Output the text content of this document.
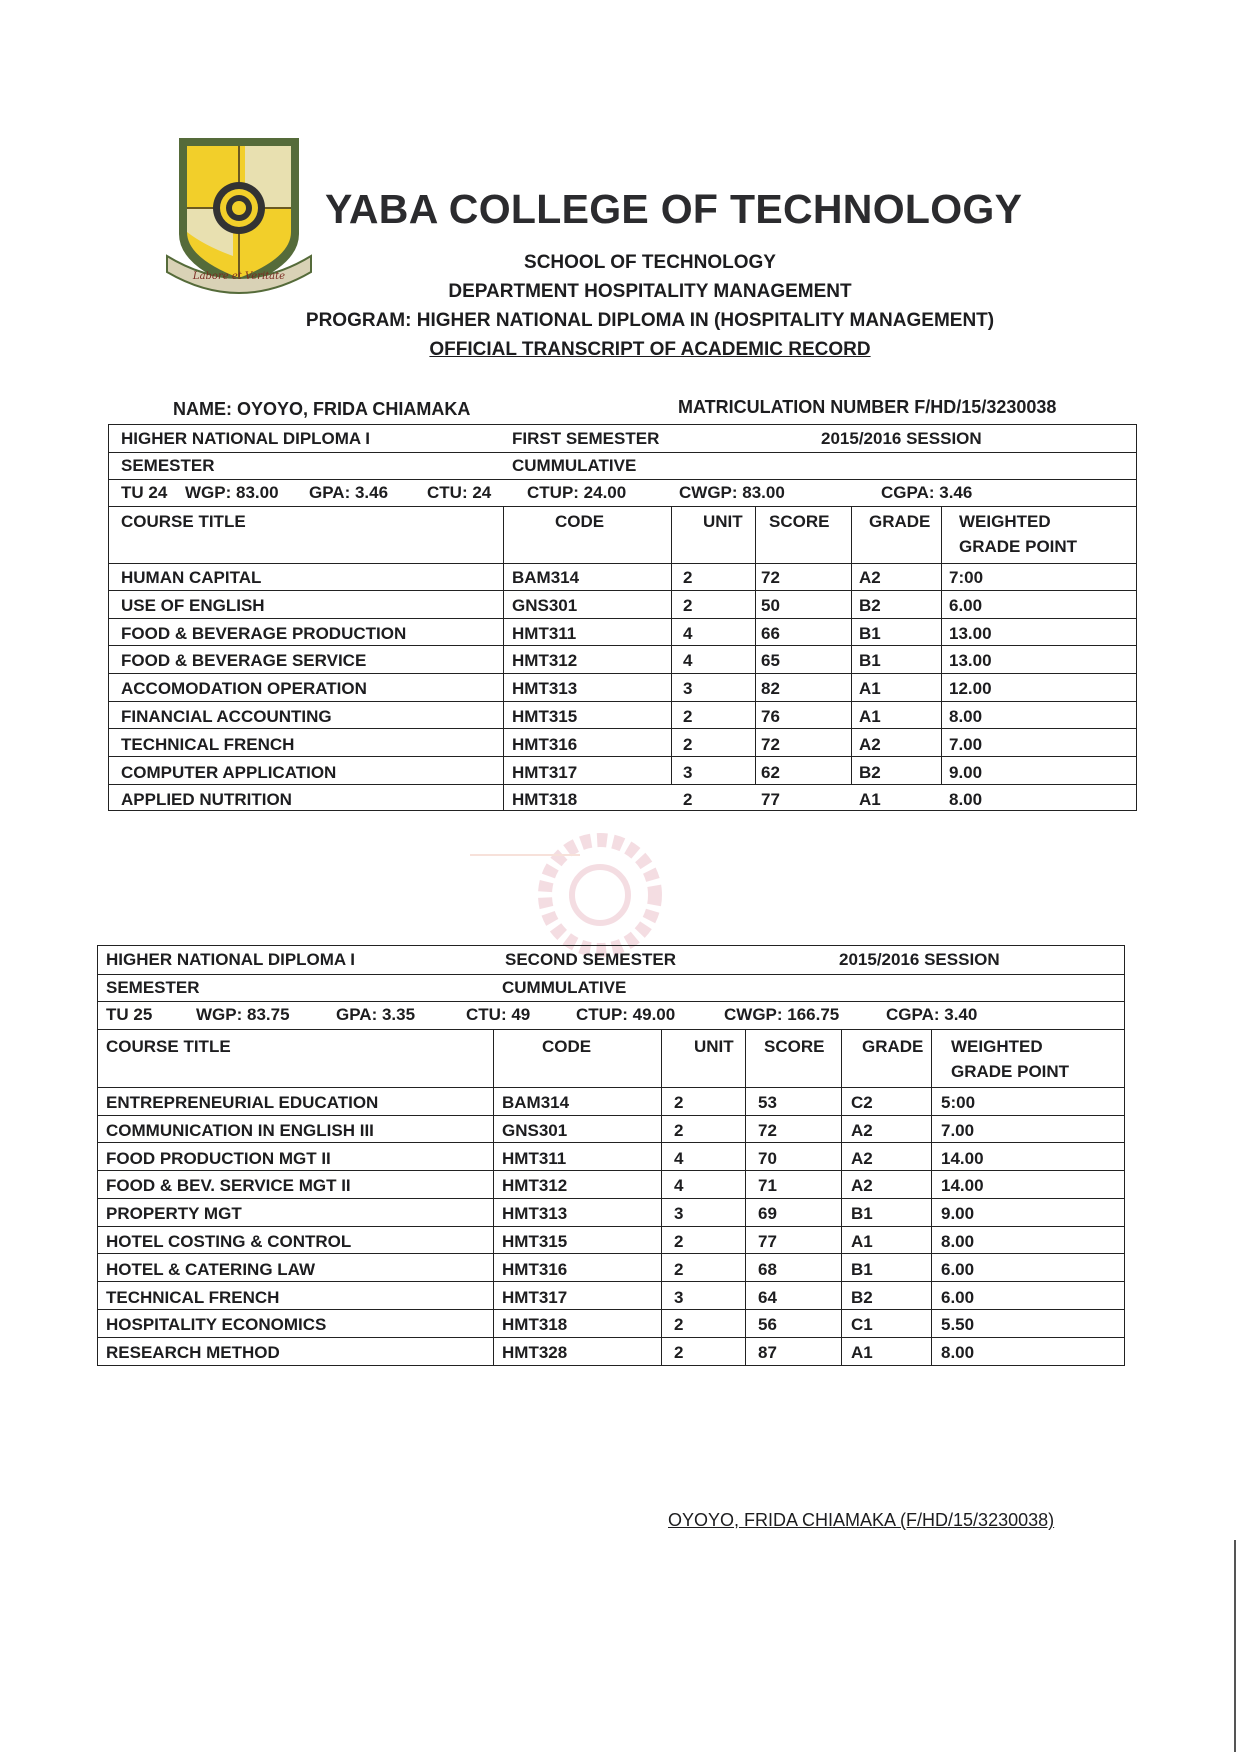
Labore et Veritate
YABA COLLEGE OF TECHNOLOGY
SCHOOL OF TECHNOLOGY
DEPARTMENT HOSPITALITY MANAGEMENT
PROGRAM: HIGHER NATIONAL DIPLOMA IN (HOSPITALITY MANAGEMENT)
OFFICIAL TRANSCRIPT OF ACADEMIC RECORD
NAME: OYOYO, FRIDA CHIAMAKA	MATRICULATION NUMBER F/HD/15/3230038
HIGHER NATIONAL DIPLOMA I	FIRST SEMESTER	2015/2016 SESSION
SEMESTER	CUMMULATIVE
TU 24 WGP: 83.00 GPA: 3.46 CTU: 24 CTUP: 24.00	CWGP: 83.00	CGPA: 3.46
COURSE TITLE	CODE	UNIT SCORE GRADE WEIGHTED
GRADE POINT
HUMAN CAPITAL	BAM314	2	72	A2	7:00
USE OF ENGLISH	GNS301	2	50	B2	6.00
FOOD & BEVERAGE PRODUCTION	HMT311	4	66	B1	13.00
FOOD & BEVERAGE SERVICE	HMT312	4	65	B1	13.00
ACCOMODATION OPERATION	HMT313	3	82	A1	12.00
FINANCIAL ACCOUNTING	HMT315	2	76	A1	8.00
TECHNICAL FRENCH	HMT316	2	72	A2	7.00
COMPUTER APPLICATION	HMT317	3	62	B2	9.00
APPLIED NUTRITION	HMT318	2	77	A1	8.00
HIGHER NATIONAL DIPLOMA I	SECOND SEMESTER	2015/2016 SESSION
SEMESTER	CUMMULATIVE
TU 25	WGP: 83.75	GPA: 3.35	CTU: 49	CTUP: 49.00	CWGP: 166.75	CGPA: 3.40
COURSE TITLE	CODE	UNIT SCORE GRADE WEIGHTED
GRADE POINT
ENTREPRENEURIAL EDUCATION	BAM314	2	53	C2	5:00
COMMUNICATION IN ENGLISH III	GNS301	2	72	A2	7.00
FOOD PRODUCTION MGT II	HMT311	4	70	A2	14.00
FOOD & BEV. SERVICE MGT II	HMT312	4	71	A2	14.00
PROPERTY MGT	HMT313	3	69	B1	9.00
HOTEL COSTING & CONTROL	HMT315	2	77	A1	8.00
HOTEL & CATERING LAW	HMT316	2	68	B1	6.00
TECHNICAL FRENCH	HMT317	3	64	B2	6.00
HOSPITALITY ECONOMICS	HMT318	2	56	C1	5.50
RESEARCH METHOD	HMT328	2	87	A1	8.00
OYOYO, FRIDA CHIAMAKA (F/HD/15/3230038)
